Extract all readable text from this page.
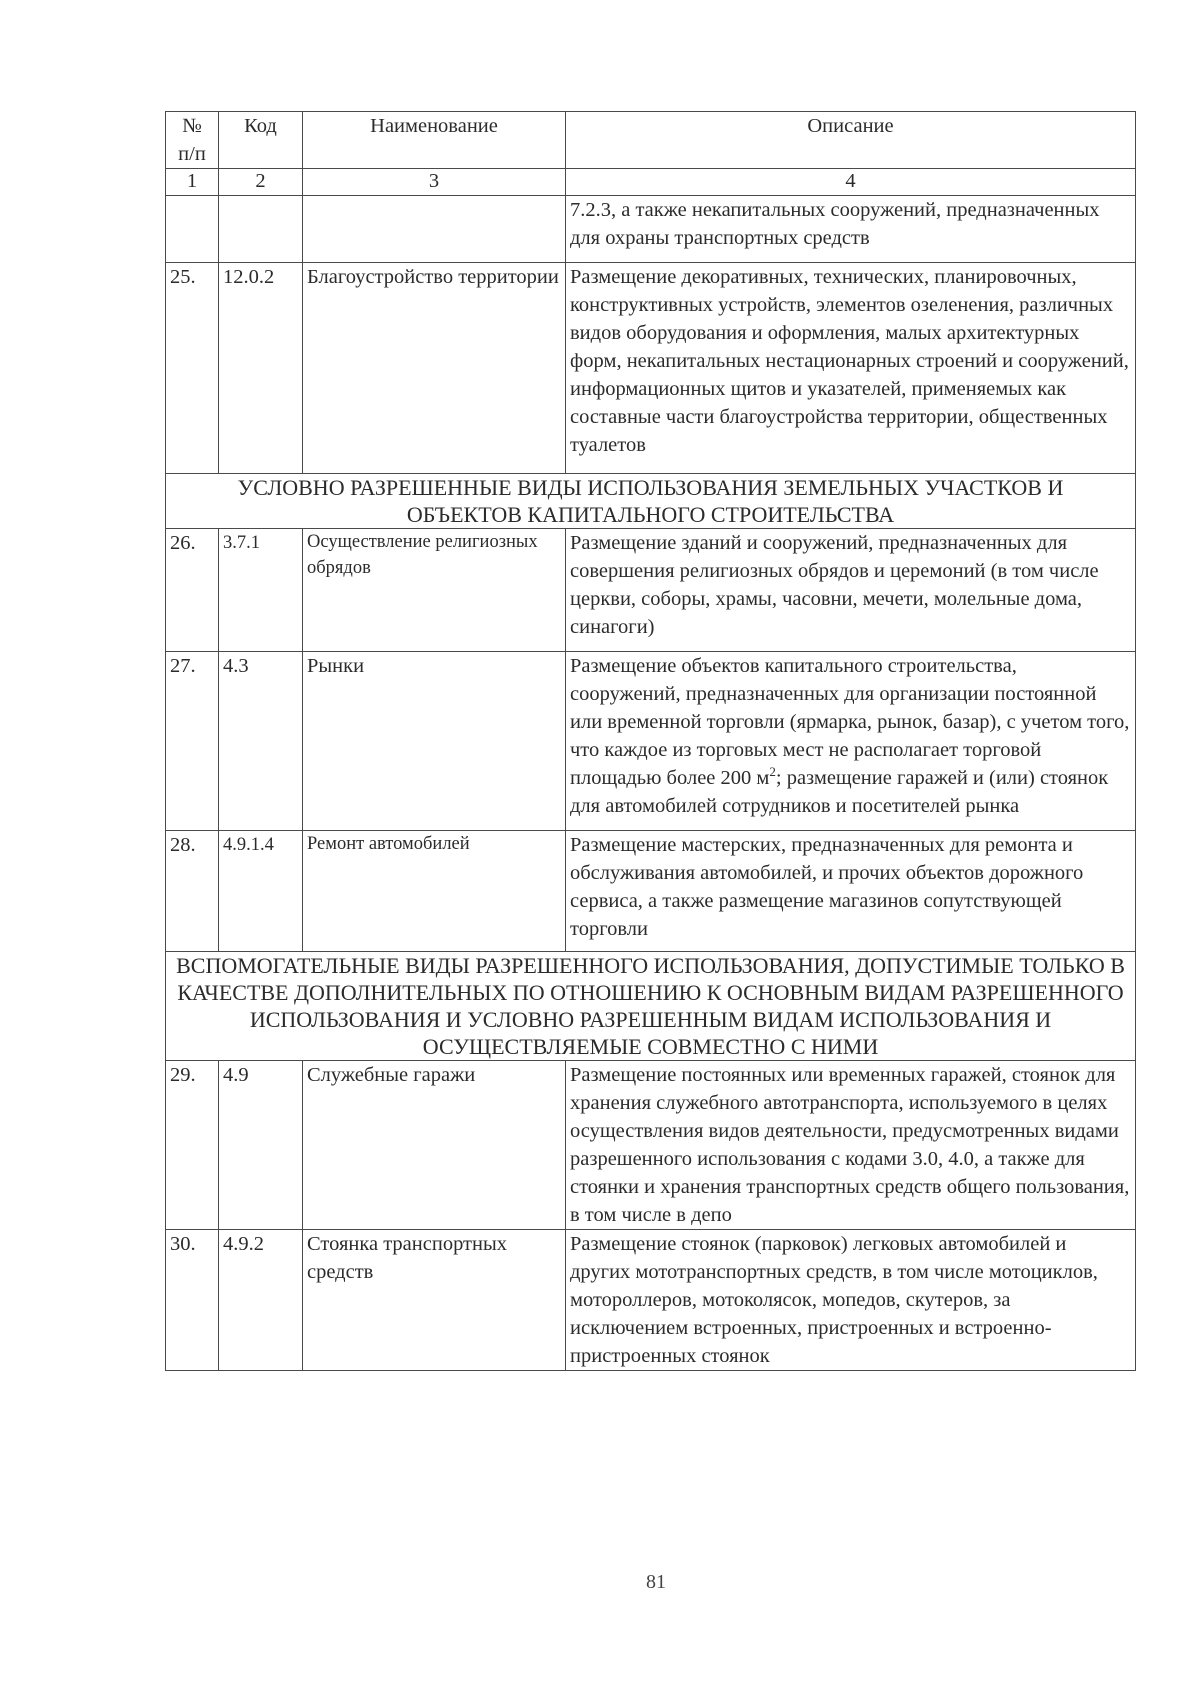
№
п/п	Код	Наименование	Описание
1	2	3	4
			7.2.3, а также некапитальных сооружений, предназначенных для охраны транспортных средств
25.	12.0.2	Благоустройство территории	Размещение декоративных, технических, планировочных, конструктивных устройств, элементов озеленения, различных видов оборудования и оформления, малых архитектурных форм, некапитальных нестационарных строений и сооружений, информационных щитов и указателей, применяемых как составные части благоустройства территории, общественных туалетов
УСЛОВНО РАЗРЕШЕННЫЕ ВИДЫ ИСПОЛЬЗОВАНИЯ ЗЕМЕЛЬНЫХ УЧАСТКОВ И ОБЪЕКТОВ КАПИТАЛЬНОГО СТРОИТЕЛЬСТВА			
26.	3.7.1	Осуществление религиозных обрядов	Размещение зданий и сооружений, предназначенных для совершения религиозных обрядов и церемоний (в том числе церкви, соборы, храмы, часовни, мечети, молельные дома, синагоги)
27.	4.3	Рынки	Размещение объектов капитального строительства, сооружений, предназначенных для организации постоянной или временной торговли (ярмарка, рынок, базар), с учетом того, что каждое из торговых мест не располагает торговой площадью более 200 $м^2$; размещение гаражей и (или) стоянок для автомобилей сотрудников и посетителей рынка
28.	4.9.1.4	Ремонт автомобилей	Размещение мастерских, предназначенных для ремонта и обслуживания автомобилей, и прочих объектов дорожного сервиса, а также размещение магазинов сопутствующей торговли
ВСПОМОГАТЕЛЬНЫЕ ВИДЫ РАЗРЕШЕННОГО ИСПОЛЬЗОВАНИЯ, ДОПУСТИМЫЕ ТОЛЬКО В КАЧЕСТВЕ ДОПОЛНИТЕЛЬНЫХ ПО ОТНОШЕНИЮ К ОСНОВНЫМ ВИДАМ РАЗРЕШЕННОГО ИСПОЛЬЗОВАНИЯ И УСЛОВНО РАЗРЕШЕННЫМ ВИДАМ ИСПОЛЬЗОВАНИЯ И ОСУЩЕСТВЛЯЕМЫЕ СОВМЕСТНО С НИМИ			
29.	4.9	Служебные гаражи	Размещение постоянных или временных гаражей, стоянок для хранения служебного автотранспорта, используемого в целях осуществления видов деятельности, предусмотренных видами разрешенного использования с кодами 3.0, 4.0, а также для стоянки и хранения транспортных средств общего пользования, в том числе в депо
30.	4.9.2	Стоянка транспортных средств	Размещение стоянок (парковок) легковых автомобилей и других мототранспортных средств, в том числе мотоциклов, мотороллеров, мотоколясок, мопедов, скутеров, за исключением встроенных, пристроенных и встроенно-пристроенных стоянок
81
